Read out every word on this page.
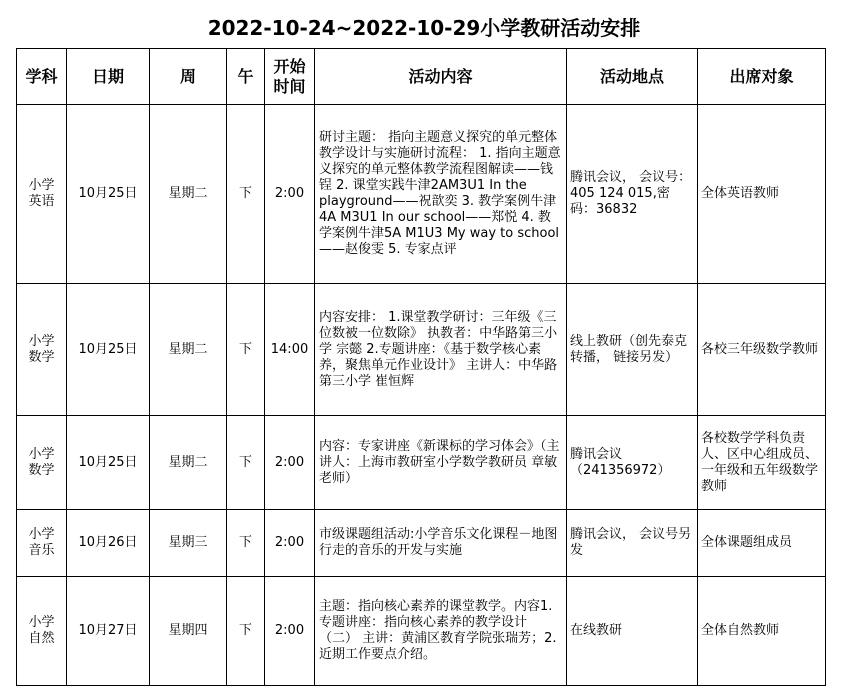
2022-10-24~2022-10-29小学教研活动安排
学科	日期	周	午	开始时间	活动内容	活动地点	出席对象
小学英语	10月25日	星期二	下	2:00	研讨主题： 指向主题意义探究的单元整体教学设计与实施研讨流程： 1. 指向主题意义探究的单元整体教学流程图解读——钱锃 2. 课堂实践牛津2AM3U1 In the playground——祝歆奕 3. 教学案例牛津4A M3U1 In our school——郑悦 4. 教学案例牛津5A M1U3 My way to school——赵俊雯 5. 专家点评	腾讯会议， 会议号：405 124 015,密码：36832	全体英语教师
小学数学	10月25日	星期二	下	14:00	内容安排： 1.课堂教学研讨：三年级《三位数被一位数除》 执教者：中华路第三小学 宗懿 2.专题讲座：《基于数学核心素养，聚焦单元作业设计》 主讲人：中华路第三小学 崔恒辉	线上教研（创先泰克转播， 链接另发）	各校三年级数学教师
小学数学	10月25日	星期二	下	2:00	内容：专家讲座《新课标的学习体会》（主讲人：上海市教研室小学数学教研员 章敏老师）	腾讯会议 （241356972）	各校数学学科负责人、区中心组成员、一年级和五年级数学教师
小学音乐	10月26日	星期三	下	2:00	市级课题组活动:小学音乐文化课程－地图行走的音乐的开发与实施	腾讯会议， 会议号另发	全体课题组成员
小学自然	10月27日	星期四	下	2:00	主题：指向核心素养的课堂教学。内容1.专题讲座：指向核心素养的教学设计（二） 主讲：黄浦区教育学院张瑞芳；2.近期工作要点介绍。	在线教研	全体自然教师
